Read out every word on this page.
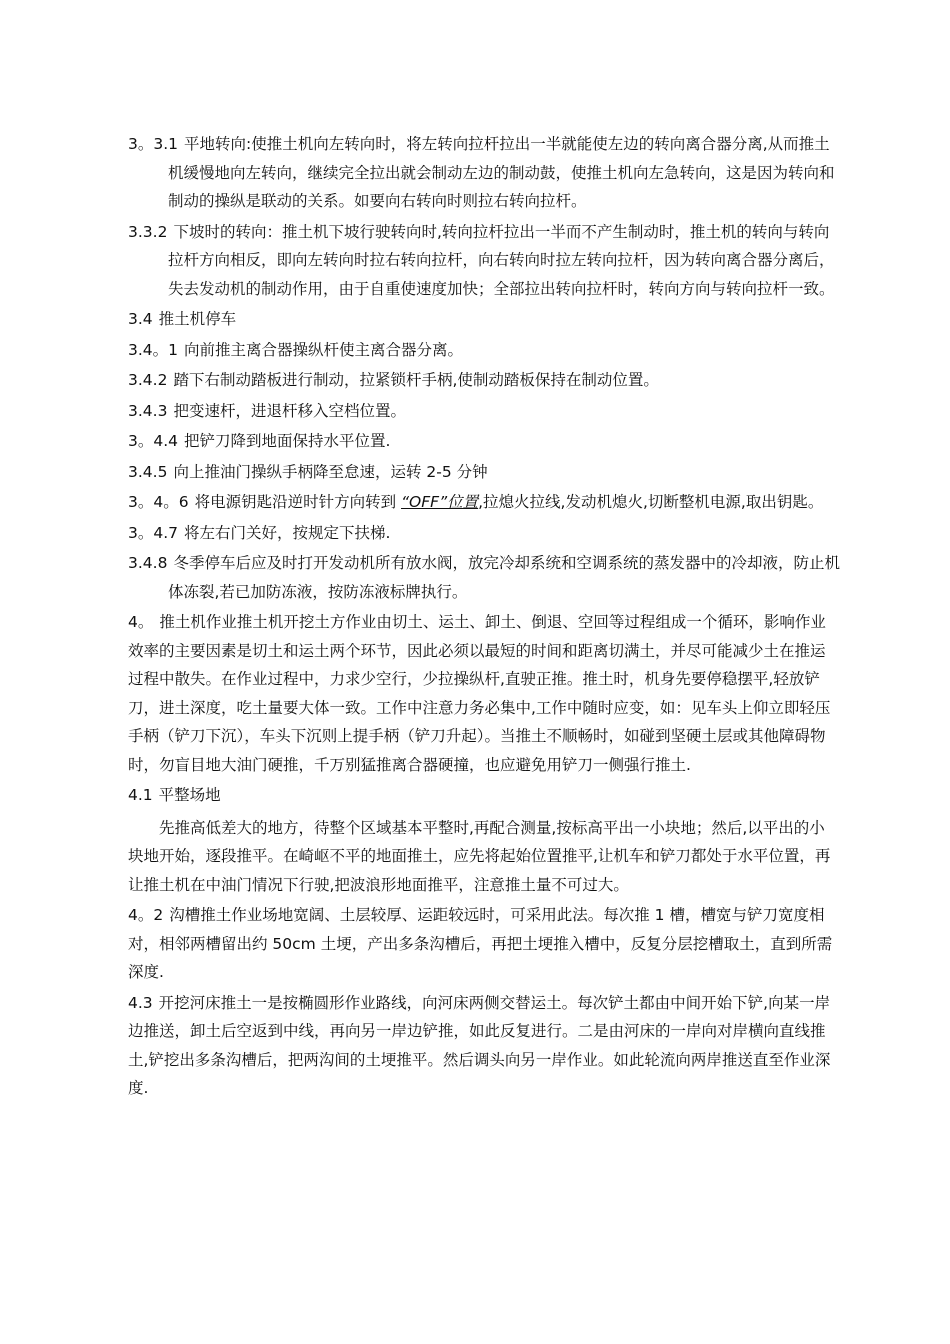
3。3.1 平地转向:使推土机向左转向时，将左转向拉杆拉出一半就能使左边的转向离合器分离,从而推土机缓慢地向左转向，继续完全拉出就会制动左边的制动鼓，使推土机向左急转向，这是因为转向和制动的操纵是联动的关系。如要向右转向时则拉右转向拉杆。

3.3.2 下坡时的转向：推土机下坡行驶转向时,转向拉杆拉出一半而不产生制动时，推土机的转向与转向拉杆方向相反，即向左转向时拉右转向拉杆，向右转向时拉左转向拉杆，因为转向离合器分离后，失去发动机的制动作用，由于自重使速度加快；全部拉出转向拉杆时，转向方向与转向拉杆一致。

3.4 推土机停车

3.4。1 向前推主离合器操纵杆使主离合器分离。

3.4.2 踏下右制动踏板进行制动，拉紧锁杆手柄,使制动踏板保持在制动位置。

3.4.3 把变速杆，进退杆移入空档位置。

3。4.4 把铲刀降到地面保持水平位置.

3.4.5 向上推油门操纵手柄降至怠速，运转 2-5 分钟

3。4。6 将电源钥匙沿逆时针方向转到 “OFF”位置,拉熄火拉线,发动机熄火,切断整机电源,取出钥匙。

3。4.7 将左右门关好，按规定下扶梯.

3.4.8 冬季停车后应及时打开发动机所有放水阀，放完冷却系统和空调系统的蒸发器中的冷却液，防止机体冻裂,若已加防冻液，按防冻液标牌执行。

4。 推土机作业推土机开挖土方作业由切土、运土、卸土、倒退、空回等过程组成一个循环，影响作业效率的主要因素是切土和运土两个环节，因此必须以最短的时间和距离切满土，并尽可能减少土在推运过程中散失。在作业过程中，力求少空行，少拉操纵杆,直驶正推。推土时，机身先要停稳摆平,轻放铲刀，进土深度，吃土量要大体一致。工作中注意力务必集中,工作中随时应变，如：见车头上仰立即轻压手柄（铲刀下沉），车头下沉则上提手柄（铲刀升起）。当推土不顺畅时，如碰到坚硬土层或其他障碍物时，勿盲目地大油门硬推，千万别猛推离合器硬撞，也应避免用铲刀一侧强行推土.

4.1 平整场地

先推高低差大的地方，待整个区域基本平整时,再配合测量,按标高平出一小块地；然后,以平出的小块地开始，逐段推平。在崎岖不平的地面推土，应先将起始位置推平,让机车和铲刀都处于水平位置，再让推土机在中油门情况下行驶,把波浪形地面推平，注意推土量不可过大。

4。2 沟槽推土作业场地宽阔、土层较厚、运距较远时，可采用此法。每次推 1 槽，槽宽与铲刀宽度相对，相邻两槽留出约 50cm 土埂，产出多条沟槽后，再把土埂推入槽中，反复分层挖槽取土，直到所需深度.

4.3 开挖河床推土一是按椭圆形作业路线，向河床两侧交替运土。每次铲土都由中间开始下铲,向某一岸边推送，卸土后空返到中线，再向另一岸边铲推，如此反复进行。二是由河床的一岸向对岸横向直线推土,铲挖出多条沟槽后，把两沟间的土埂推平。然后调头向另一岸作业。如此轮流向两岸推送直至作业深度.
